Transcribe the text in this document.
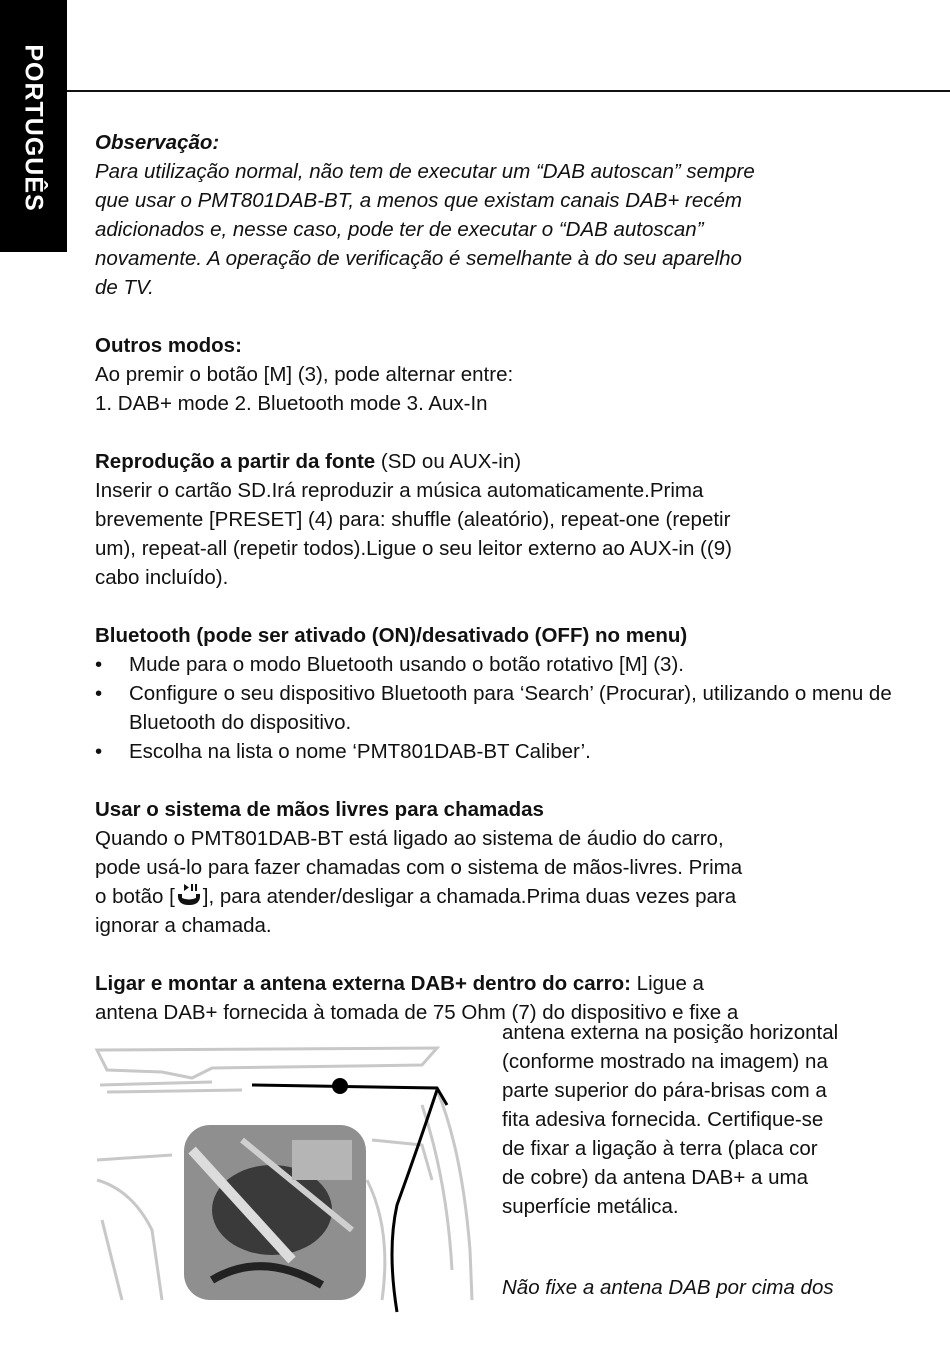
PORTUGUÊS Observação:

Para utilização normal, não tem de executar um “DAB autoscan” sempre

que usar o PMT801DAB-BT, a menos que existam canais DAB+ recém

adicionados e, nesse caso, pode ter de executar o “DAB autoscan”

novamente. A operação de verificação é semelhante à do seu aparelho

de TV.

Outros modos:

Ao premir o botão [M] (3), pode alternar entre:

1. DAB+ mode 2. Bluetooth mode 3. Aux-In

Reprodução a partir da fonte (SD ou AUX-in)

Inserir o cartão SD.Irá reproduzir a música automaticamente.Prima

brevemente [PRESET] (4) para: shuffle (aleatório), repeat-one (repetir

um), repeat-all (repetir todos).Ligue o seu leitor externo ao AUX-in ((9)

cabo incluído).

Bluetooth (pode ser ativado (ON)/desativado (OFF) no menu)

• Mude para o modo Bluetooth usando o botão rotativo [M] (3).
• Configure o seu dispositivo Bluetooth para ‘Search’ (Procurar), utilizando o menu de Bluetooth do dispositivo.
• Escolha na lista o nome ‘PMT801DAB-BT Caliber’.

Usar o sistema de mãos livres para chamadas

Quando o PMT801DAB-BT está ligado ao sistema de áudio do carro,

pode usá-lo para fazer chamadas com o sistema de mãos-livres. Prima

o botão [ ], para atender/desligar a chamada.Prima duas vezes para

ignorar a chamada.

Ligar e montar a antena externa DAB+ dentro do carro: Ligue a

antena DAB+ fornecida à tomada de 75 Ohm (7) do dispositivo e fixe a

antena externa na posição horizontal

(conforme mostrado na imagem) na

parte superior do pára-brisas com a

fita adesiva fornecida. Certifique-se

de fixar a ligação à terra (placa cor

de cobre) da antena DAB+ a uma

superfície metálica.

Não fixe a antena DAB por cima dos
